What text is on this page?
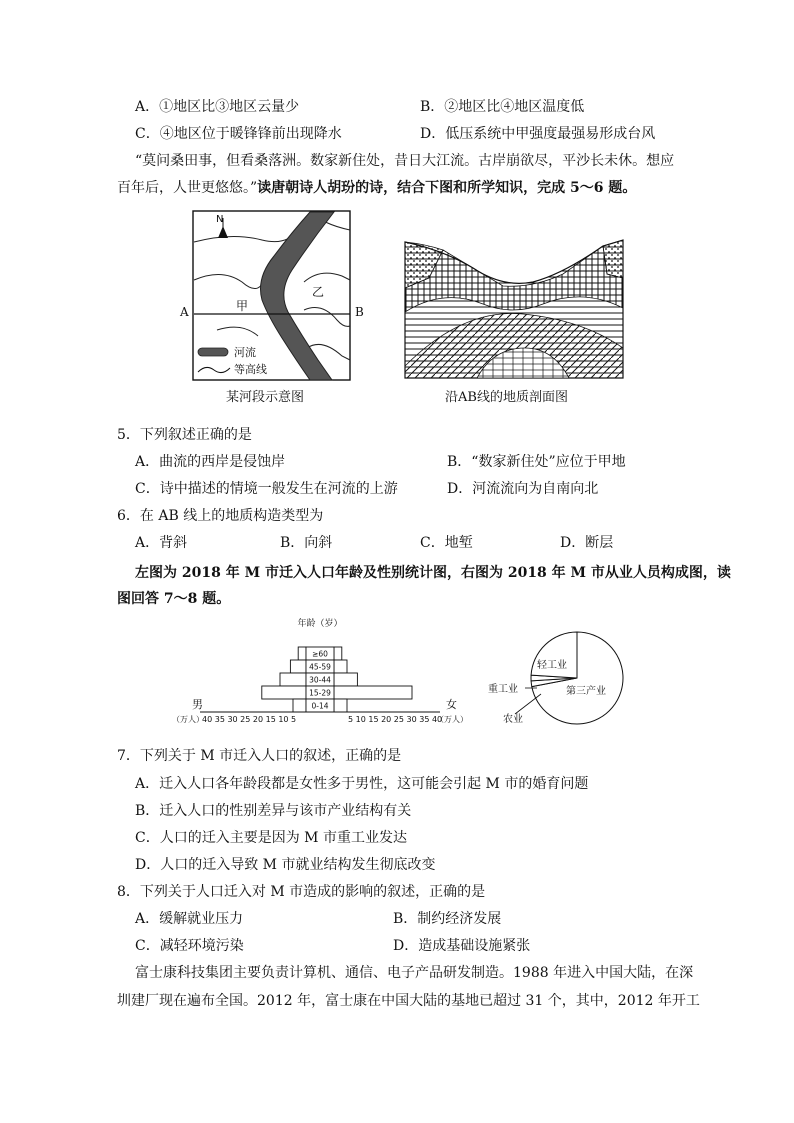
A．①地区比③地区云量少	B．②地区比④地区温度低
C．④地区位于暖锋锋前出现降水	D．低压系统中甲强度最强易形成台风
“莫问桑田事，但看桑落洲。数家新住处，昔日大江流。古岸崩欲尽，平沙长未休。想应
百年后，人世更悠悠。”读唐朝诗人胡玢的诗，结合下图和所学知识，完成 5～6 题。
N
甲
乙
河流
等高线
A	B
某河段示意图	沿AB线的地质剖面图
5．下列叙述正确的是
A．曲流的西岸是侵蚀岸	B．“数家新住处”应位于甲地
C．诗中描述的情境一般发生在河流的上游	D．河流流向为自南向北
6．在 AB 线上的地质构造类型为
A．背斜	B．向斜	C．地堑	D．断层
左图为 2018 年 M 市迁入人口年龄及性别统计图，右图为 2018 年 M 市从业人员构成图，读
图回答 7～8 题。
≥60
45-59
30-44
15-29
0-14
年龄（岁）
男	女
（万人）
40 35 30 25 20 15 10 5	5 10 15 20 25 30 35 40
（万人）
轻工业
重工业
农业
第三产业
7．下列关于 M 市迁入人口的叙述，正确的是
A．迁入人口各年龄段都是女性多于男性，这可能会引起 M 市的婚育问题
B．迁入人口的性别差异与该市产业结构有关
C．人口的迁入主要是因为 M 市重工业发达
D．人口的迁入导致 M 市就业结构发生彻底改变
8．下列关于人口迁入对 M 市造成的影响的叙述，正确的是
A．缓解就业压力	B．制约经济发展
C．减轻环境污染	D．造成基础设施紧张
富士康科技集团主要负责计算机、通信、电子产品研发制造。1988 年进入中国大陆，在深
圳建厂现在遍布全国。2012 年，富士康在中国大陆的基地已超过 31 个，其中，2012 年开工
